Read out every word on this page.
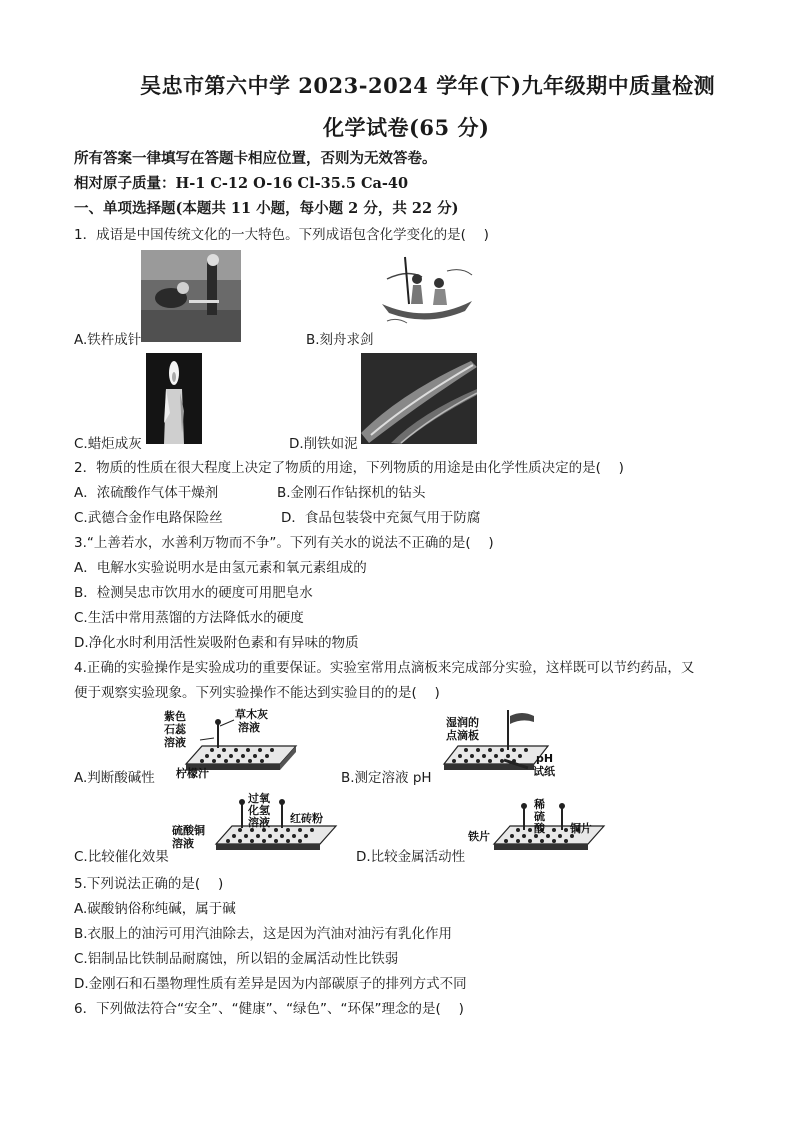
吴忠市第六中学 2023-2024 学年(下)九年级期中质量检测
化学试卷(65 分)
所有答案一律填写在答题卡相应位置，否则为无效答卷。
相对原子质量：H-1 C-12 O-16 Cl-35.5 Ca-40
一、单项选择题(本题共 11 小题，每小题 2 分，共 22 分)
1．成语是中国传统文化的一大特色。下列成语包含化学变化的是(　 )
A.铁杵成针	B.刻舟求剑
C.蜡炬成灰	D.削铁如泥
2．物质的性质在很大程度上决定了物质的用途，下列物质的用途是由化学性质决定的是(　 )
A．浓硫酸作气体干燥剂	B.金刚石作钻探机的钻头
C.武德合金作电路保险丝	D．食品包装袋中充氮气用于防腐
3.“上善若水，水善利万物而不争”。下列有关水的说法不正确的是(　 )
A．电解水实验说明水是由氢元素和氧元素组成的
B．检测吴忠市饮用水的硬度可用肥皂水
C.生活中常用蒸馏的方法降低水的硬度
D.净化水时利用活性炭吸附色素和有异味的物质
4.正确的实验操作是实验成功的重要保证。实验室常用点滴板来完成部分实验，这样既可以节约药品，又
便于观察实验现象。下列实验操作不能达到实验目的的是(　 )
紫色
石蕊
溶液
草木灰
溶液
柠檬汁
A.判断酸碱性
湿润的
点滴板
pH
试纸
B.测定溶液 pH
硫酸铜
溶液
过氧
化氢
溶液 红砖粉
C.比较催化效果
铁片
稀
硫
酸 铜片
D.比较金属活动性
5.下列说法正确的是(　 )
A.碳酸钠俗称纯碱，属于碱
B.衣服上的油污可用汽油除去，这是因为汽油对油污有乳化作用
C.铝制品比铁制品耐腐蚀，所以铝的金属活动性比铁弱
D.金刚石和石墨物理性质有差异是因为内部碳原子的排列方式不同
6．下列做法符合“安全”、“健康”、“绿色”、“环保”理念的是(　 )
